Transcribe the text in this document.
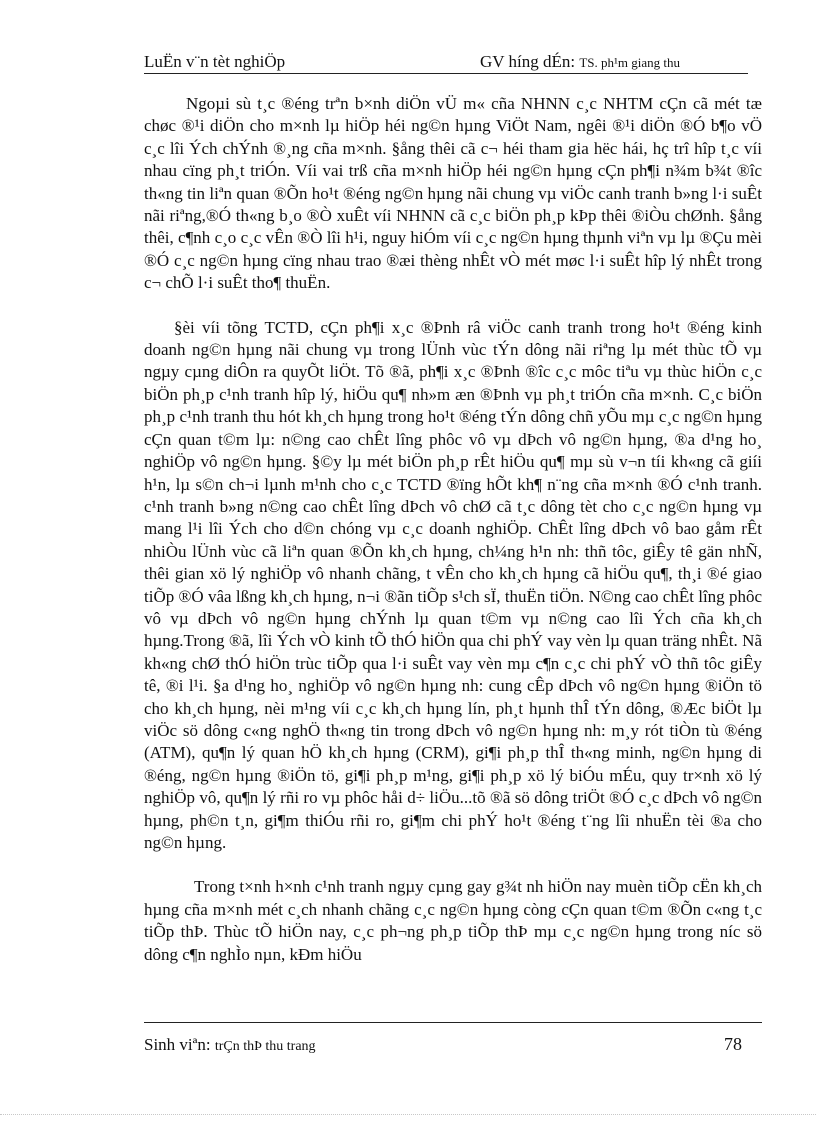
LuËn v¨n tèt nghiÖp	GV híng dÉn: TS. ph¹m giang thu

Ngoµi sù t¸c ®éng trªn b×nh diÖn vÜ m« cña NHNN c¸c NHTM cÇn cã mét tæ chøc ®¹i diÖn cho m×nh lµ hiÖp héi ng©n hµng ViÖt Nam, ngêi ®¹i diÖn ®Ó b¶o vÖ c¸c lîi Ých chÝnh ®¸ng cña m×nh. §ång thêi cã c¬ héi tham gia hëc hái, hç trî hîp t¸c víi nhau cïng ph¸t triÓn. Víi vai trß cña m×nh hiÖp héi ng©n hµng cÇn ph¶i n¾m b¾t ®îc th«ng tin liªn quan ®Õn ho¹t ®éng ng©n hµng nãi chung vµ viÖc canh tranh b»ng l·i suÊt nãi riªng,®Ó th«ng b¸o ®Ò xuÊt víi NHNN cã c¸c biÖn ph¸p kÞp thêi ®iÒu chØnh. §ång thêi, c¶nh c¸o c¸c vÊn ®Ò lîi h¹i, nguy hiÓm víi c¸c ng©n hµng thµnh viªn vµ lµ ®Çu mèi ®Ó c¸c ng©n hµng cïng nhau trao ®æi thèng nhÊt vÒ mét møc l·i suÊt hîp lý nhÊt trong c¬ chÕ l·i suÊt tho¶ thuËn.

§èi víi tõng TCTD, cÇn ph¶i x¸c ®Þnh râ viÖc canh tranh trong ho¹t ®éng kinh doanh ng©n hµng nãi chung vµ trong lÜnh vùc tÝn dông nãi riªng lµ mét thùc tÕ vµ ngµy cµng diÔn ra quyÕt liÖt. Tõ ®ã, ph¶i x¸c ®Þnh ®îc c¸c môc tiªu vµ thùc hiÖn c¸c biÖn ph¸p c¹nh tranh hîp lý, hiÖu qu¶ nh»m æn ®Þnh vµ ph¸t triÓn cña m×nh. C¸c biÖn ph¸p c¹nh tranh thu hót kh¸ch hµng trong ho¹t ®éng tÝn dông chñ yÕu mµ c¸c ng©n hµng cÇn quan t©m lµ: n©ng cao chÊt lîng phôc vô vµ dÞch vô ng©n hµng, ®a d¹ng ho¸ nghiÖp vô ng©n hµng. §©y lµ mét biÖn ph¸p rÊt hiÖu qu¶ mµ sù v¬n tíi kh«ng cã giíi h¹n, lµ s©n ch¬i lµnh m¹nh cho c¸c TCTD ®ïng hÕt kh¶ n¨ng cña m×nh ®Ó c¹nh tranh. c¹nh tranh b»ng n©ng cao chÊt lîng dÞch vô chØ cã t¸c dông tèt cho c¸c ng©n hµng vµ mang l¹i lîi Ých cho d©n chóng vµ c¸c doanh nghiÖp. ChÊt lîng dÞch vô bao gåm rÊt nhiÒu lÜnh vùc cã liªn quan ®Õn kh¸ch hµng, ch¼ng h¹n nh: thñ tôc, giÊy tê gän nhÑ, thêi gian xö lý nghiÖp vô nhanh chãng, t vÊn cho kh¸ch hµng cã hiÖu qu¶, th¸i ®é giao tiÕp ®Ó vâa lßng kh¸ch hµng, n¬i ®ãn tiÕp s¹ch sÏ, thuËn tiÖn. N©ng cao chÊt lîng phôc vô vµ dÞch vô ng©n hµng chÝnh lµ quan t©m vµ n©ng cao lîi Ých cña kh¸ch hµng.Trong ®ã, lîi Ých vÒ kinh tÕ thÓ hiÖn qua chi phÝ vay vèn lµ quan träng nhÊt. Nã kh«ng chØ thÓ hiÖn trùc tiÕp qua l·i suÊt vay vèn mµ c¶n c¸c chi phÝ vÒ thñ tôc giÊy tê, ®i l¹i. §a d¹ng ho¸ nghiÖp vô ng©n hµng nh: cung cÊp dÞch vô ng©n hµng ®iÖn tö cho kh¸ch hµng, nèi m¹ng víi c¸c kh¸ch hµng lín, ph¸t hµnh thÎ tÝn dông, ®Æc biÖt lµ viÖc sö dông c«ng nghÖ th«ng tin trong dÞch vô ng©n hµng nh: m¸y rót tiÒn tù ®éng (ATM), qu¶n lý quan hÖ kh¸ch hµng (CRM), gi¶i ph¸p thÎ th«ng minh, ng©n hµng di ®éng, ng©n hµng ®iÖn tö, gi¶i ph¸p m¹ng, gi¶i ph¸p xö lý biÓu mÉu, quy tr×nh xö lý nghiÖp vô, qu¶n lý rñi ro vµ phôc håi d÷ liÖu...tõ ®ã sö dông triÖt ®Ó c¸c dÞch vô ng©n hµng, ph©n t¸n, gi¶m thiÓu rñi ro, gi¶m chi phÝ ho¹t ®éng t¨ng lîi nhuËn tèi ®a cho ng©n hµng.

Trong t×nh h×nh c¹nh tranh ngµy cµng gay g¾t nh hiÖn nay muèn tiÕp cËn kh¸ch hµng cña m×nh mét c¸ch nhanh chãng c¸c ng©n hµng còng cÇn quan t©m ®Õn c«ng t¸c tiÕp thÞ. Thùc tÕ hiÖn nay, c¸c ph¬ng ph¸p tiÕp thÞ mµ c¸c ng©n hµng trong níc sö dông c¶n nghÌo nµn, kÐm hiÖu

Sinh viªn: trÇn thÞ thu trang	78
